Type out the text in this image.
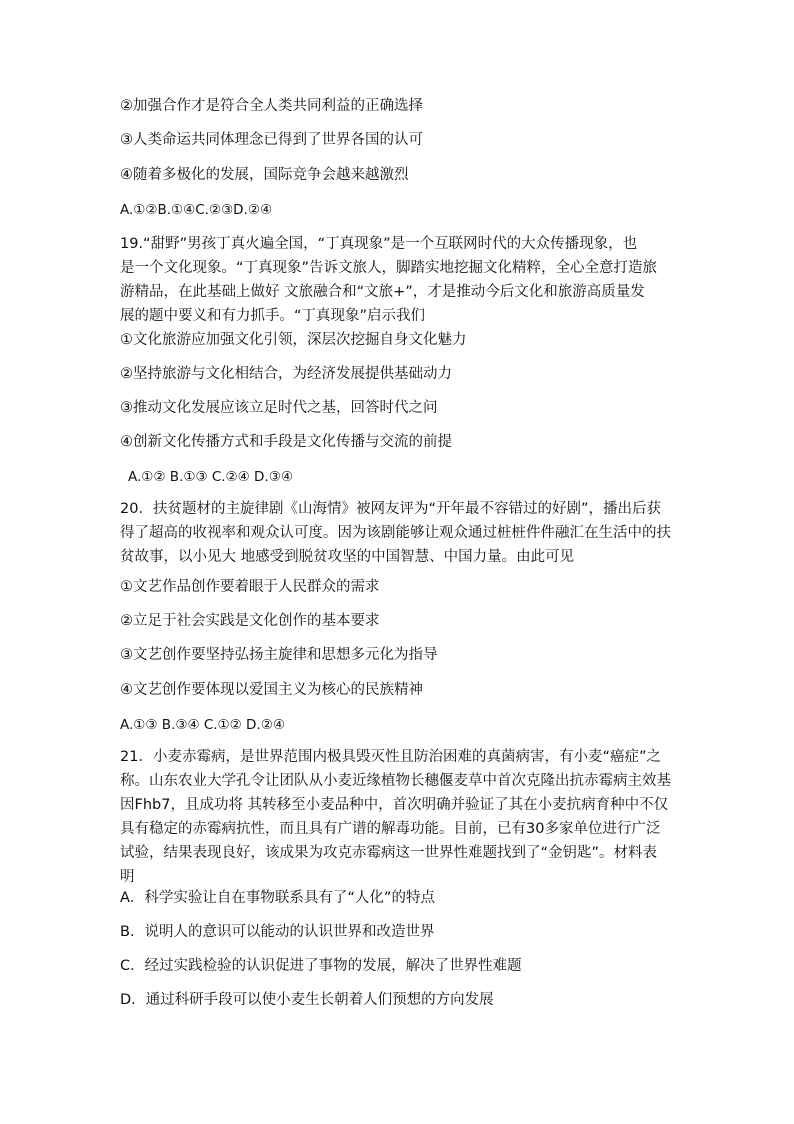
②加强合作才是符合全人类共同利益的正确选择
③人类命运共同体理念已得到了世界各国的认可
④随着多极化的发展，国际竞争会越来越激烈
A.①②B.①④C.②③D.②④
19.“甜野”男孩丁真火遍全国，“丁真现象”是一个互联网时代的大众传播现象，也
是一个文化现象。“丁真现象”告诉文旅人，脚踏实地挖掘文化精粹，全心全意打造旅
游精品，在此基础上做好 文旅融合和“文旅+”，才是推动今后文化和旅游高质量发
展的题中要义和有力抓手。“丁真现象”启示我们
①文化旅游应加强文化引领，深层次挖掘自身文化魅力
②坚持旅游与文化相结合，为经济发展提供基础动力
③推动文化发展应该立足时代之基，回答时代之问
④创新文化传播方式和手段是文化传播与交流的前提
A.①② B.①③ C.②④ D.③④
20．扶贫题材的主旋律剧《山海情》被网友评为“开年最不容错过的好剧”，播出后获
得了超高的收视率和观众认可度。因为该剧能够让观众通过桩桩件件融汇在生活中的扶
贫故事，以小见大 地感受到脱贫攻坚的中国智慧、中国力量。由此可见
①文艺作品创作要着眼于人民群众的需求
②立足于社会实践是文化创作的基本要求
③文艺创作要坚持弘扬主旋律和思想多元化为指导
④文艺创作要体现以爱国主义为核心的民族精神
A.①③ B.③④ C.①② D.②④
21．小麦赤霉病，是世界范围内极具毁灭性且防治困难的真菌病害，有小麦“癌症”之
称。山东农业大学孔令让团队从小麦近缘植物长穗偃麦草中首次克隆出抗赤霉病主效基
因Fhb7，且成功将 其转移至小麦品种中，首次明确并验证了其在小麦抗病育种中不仅
具有稳定的赤霉病抗性，而且具有广谱的解毒功能。目前，已有30多家单位进行广泛
试验，结果表现良好，该成果为攻克赤霉病这一世界性难题找到了“金钥匙”。材料表
明
A．科学实验让自在事物联系具有了“人化”的特点
B．说明人的意识可以能动的认识世界和改造世界
C．经过实践检验的认识促进了事物的发展，解决了世界性难题
D．通过科研手段可以使小麦生长朝着人们预想的方向发展
